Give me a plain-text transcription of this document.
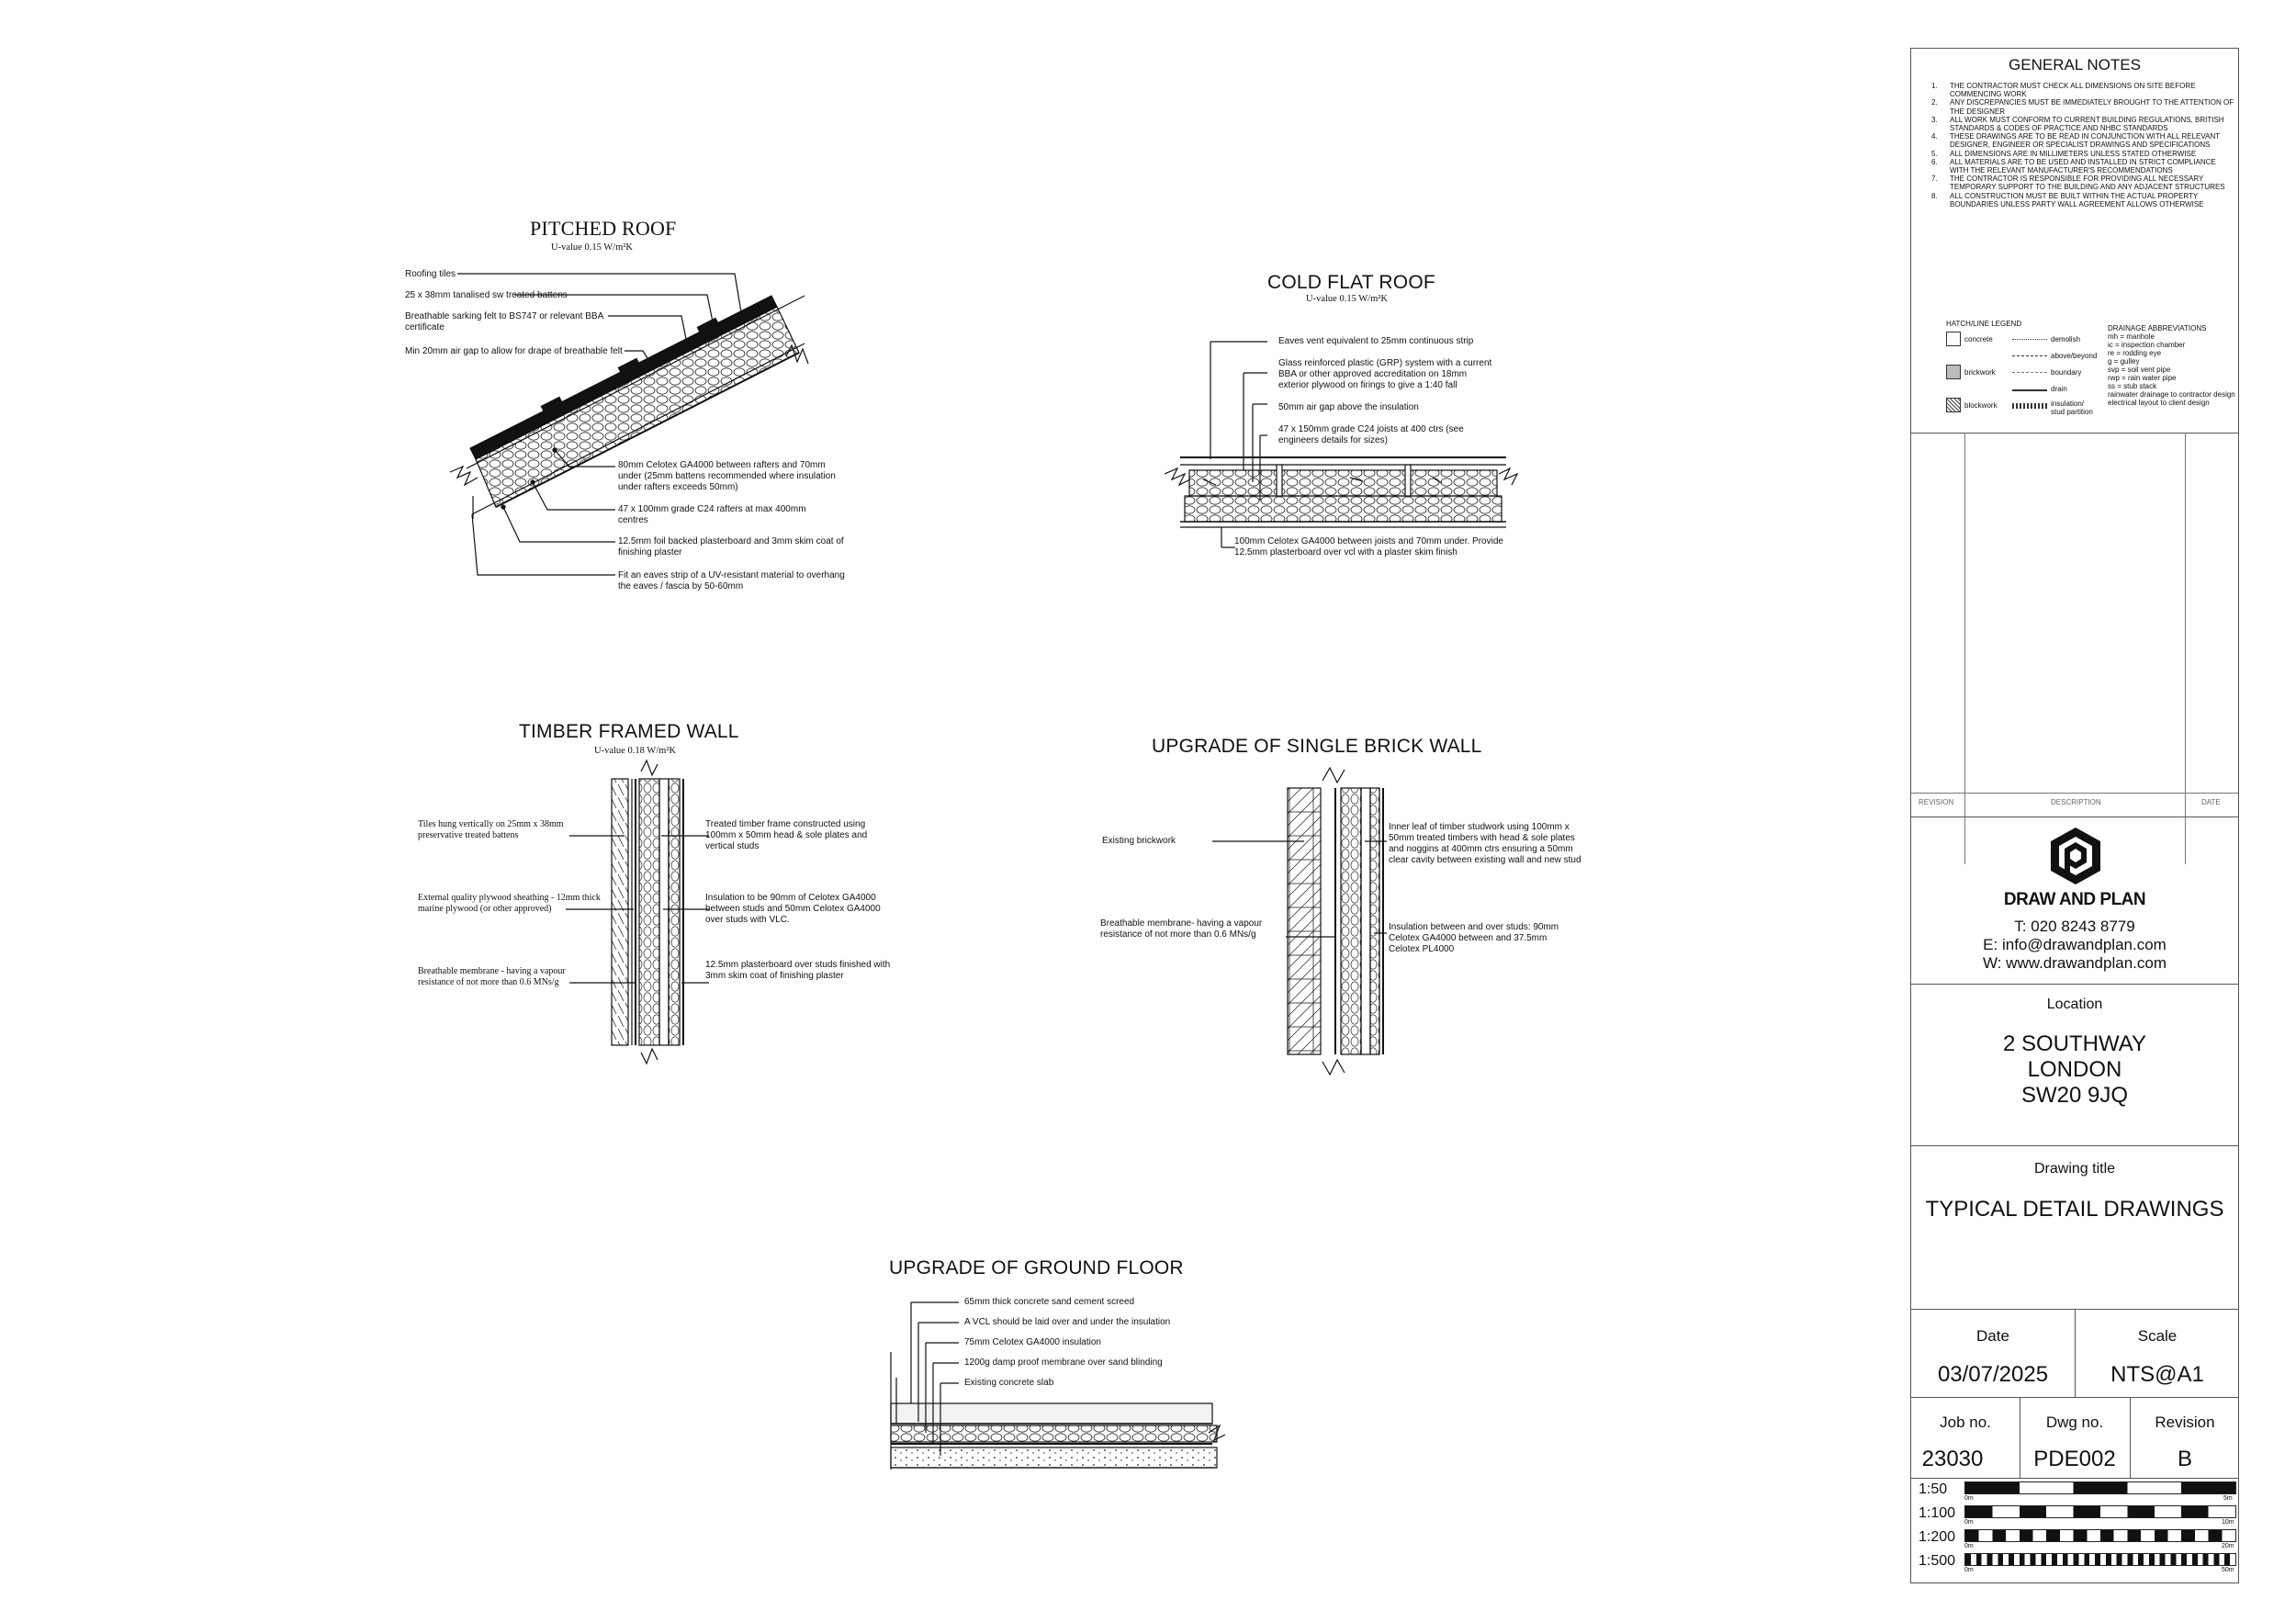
PITCHED ROOF
U-value 0.15 W/m²K
Roofing tiles
25 x 38mm tanalised sw treated battens
Breathable sarking felt to BS747 or relevant BBA certificate
Min 20mm air gap to allow for drape of breathable felt
80mm Celotex GA4000 between rafters and 70mm under (25mm battens recommended where insulation under rafters exceeds 50mm)
47 x 100mm grade C24 rafters at max 400mm centres
12.5mm foil backed plasterboard and 3mm skim coat of finishing plaster
Fit an eaves strip of a UV-resistant material to overhang the eaves / fascia by 50-60mm
COLD FLAT ROOF
U-value 0.15 W/m²K
Eaves vent equivalent to 25mm continuous strip
Glass reinforced plastic (GRP) system with a current BBA or other approved accreditation on 18mm exterior plywood on firings to give a 1:40 fall
50mm air gap above the insulation
47 x 150mm grade C24 joists at 400 ctrs (see engineers details for sizes)
100mm Celotex GA4000 between joists and 70mm under. Provide 12.5mm plasterboard over vcl with a plaster skim finish
TIMBER FRAMED WALL
U-value 0.18 W/m²K
Tiles hung vertically on 25mm x 38mm preservative treated battens
External quality plywood sheathing - 12mm thick marine plywood (or other approved)
Breathable membrane - having a vapour resistance of not more than 0.6 MNs/g
Treated timber frame constructed using 100mm x 50mm head & sole plates and vertical studs
Insulation to be 90mm of Celotex GA4000 between studs and 50mm Celotex GA4000 over studs with VLC.
12.5mm plasterboard over studs finished with 3mm skim coat of finishing plaster
UPGRADE OF SINGLE BRICK WALL
Existing brickwork
Breathable membrane- having a vapour resistance of not more than 0.6 MNs/g
Inner leaf of timber studwork using 100mm x 50mm treated timbers with head & sole plates and noggins at 400mm ctrs ensuring a 50mm clear cavity between existing wall and new stud
Insulation between and over studs: 90mm Celotex GA4000 between and 37.5mm Celotex PL4000
UPGRADE OF GROUND FLOOR
65mm thick concrete sand cement screed
A VCL should be laid over and under the insulation
75mm Celotex GA4000 insulation
1200g damp proof membrane over sand blinding
Existing concrete slab
GENERAL NOTES
1. THE CONTRACTOR MUST CHECK ALL DIMENSIONS ON SITE BEFORE COMMENCING WORK
2. ANY DISCREPANCIES MUST BE IMMEDIATELY BROUGHT TO THE ATTENTION OF THE DESIGNER
3. ALL WORK MUST CONFORM TO CURRENT BUILDING REGULATIONS, BRITISH STANDARDS & CODES OF PRACTICE AND NHBC STANDARDS
4. THESE DRAWINGS ARE TO BE READ IN CONJUNCTION WITH ALL RELEVANT DESIGNER, ENGINEER OR SPECIALIST DRAWINGS AND SPECIFICATIONS
5. ALL DIMENSIONS ARE IN MILLIMETERS UNLESS STATED OTHERWISE
6. ALL MATERIALS ARE TO BE USED AND INSTALLED IN STRICT COMPLIANCE WITH THE RELEVANT MANUFACTURER'S RECOMMENDATIONS
7. THE CONTRACTOR IS RESPONSIBLE FOR PROVIDING ALL NECESSARY TEMPORARY SUPPORT TO THE BUILDING AND ANY ADJACENT STRUCTURES
8. ALL CONSTRUCTION MUST BE BUILT WITHIN THE ACTUAL PROPERTY BOUNDARIES UNLESS PARTY WALL AGREEMENT ALLOWS OTHERWISE
HATCH/LINE LEGEND
concrete
brickwork
blockwork
demolish
above/beyond
boundary
drain
insulation/ stud partition
DRAINAGE ABBREVIATIONS
mh = manhole
ic = inspection chamber
re = rodding eye
g = gulley
svp = soil vent pipe
rwp = rain water pipe
ss = stub stack
rainwater drainage to contractor design
electrical layout to client design
REVISION	DESCRIPTION	DATE
DRAW AND PLAN
T: 020 8243 8779
E: info@drawandplan.com
W: www.drawandplan.com
Location
2 SOUTHWAY
LONDON
SW20 9JQ
Drawing title
TYPICAL DETAIL DRAWINGS
Date
03/07/2025
Scale
NTS@A1
Job no.
23030
Dwg no.
PDE002
Revision
B
1:50
0m	5m
1:100
0m	10m
1:200
0m	20m
1:500
0m	50m
